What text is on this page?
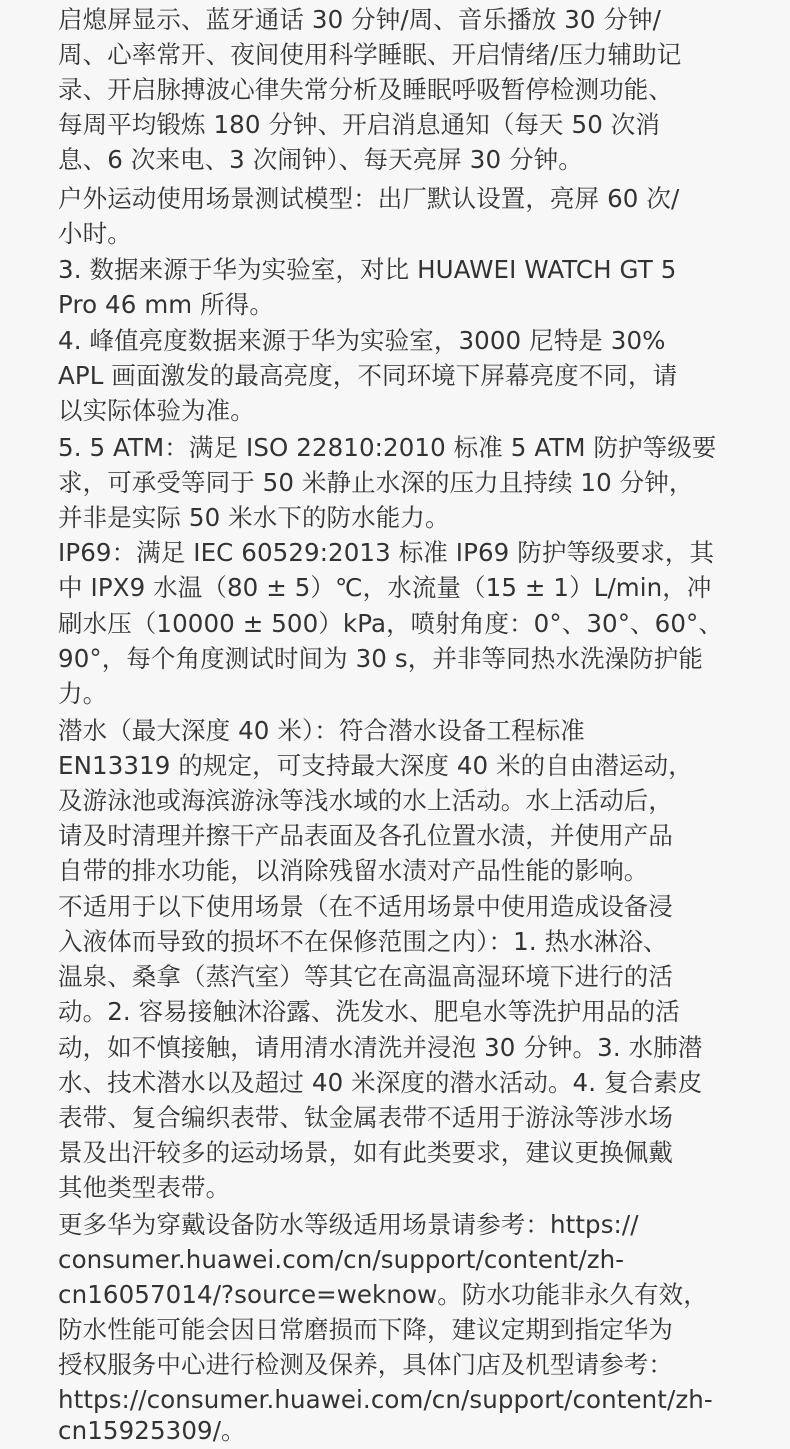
启熄屏显示、蓝牙通话 30 分钟/周、音乐播放 30 分钟/
周、心率常开、夜间使用科学睡眠、开启情绪/压力辅助记
录、开启脉搏波心律失常分析及睡眠呼吸暂停检测功能、
每周平均锻炼 180 分钟、开启消息通知（每天 50 次消
息、6 次来电、3 次闹钟）、每天亮屏 30 分钟。
户外运动使用场景测试模型：出厂默认设置，亮屏 60 次/
小时。
3. 数据来源于华为实验室，对比 HUAWEI WATCH GT 5
Pro 46 mm 所得。
4. 峰值亮度数据来源于华为实验室，3000 尼特是 30%
APL 画面激发的最高亮度，不同环境下屏幕亮度不同，请
以实际体验为准。
5. 5 ATM：满足 ISO 22810:2010 标准 5 ATM 防护等级要
求，可承受等同于 50 米静止水深的压力且持续 10 分钟，
并非是实际 50 米水下的防水能力。
IP69：满足 IEC 60529:2013 标准 IP69 防护等级要求，其
中 IPX9 水温（80 ± 5）℃，水流量（15 ± 1）L/min，冲
刷水压（10000 ± 500）kPa，喷射角度：0°、30°、60°、
90°，每个角度测试时间为 30 s，并非等同热水洗澡防护能
力。
潜水（最大深度 40 米）：符合潜水设备工程标准
EN13319 的规定，可支持最大深度 40 米的自由潜运动，
及游泳池或海滨游泳等浅水域的水上活动。水上活动后，
请及时清理并擦干产品表面及各孔位置水渍，并使用产品
自带的排水功能，以消除残留水渍对产品性能的影响。
不适用于以下使用场景（在不适用场景中使用造成设备浸
入液体而导致的损坏不在保修范围之内）：1. 热水淋浴、
温泉、桑拿（蒸汽室）等其它在高温高湿环境下进行的活
动。2. 容易接触沐浴露、洗发水、肥皂水等洗护用品的活
动，如不慎接触，请用清水清洗并浸泡 30 分钟。3. 水肺潜
水、技术潜水以及超过 40 米深度的潜水活动。4. 复合素皮
表带、复合编织表带、钛金属表带不适用于游泳等涉水场
景及出汗较多的运动场景，如有此类要求，建议更换佩戴
其他类型表带。
更多华为穿戴设备防水等级适用场景请参考：https://
consumer.huawei.com/cn/support/content/zh-
cn16057014/?source=weknow。防水功能非永久有效，
防水性能可能会因日常磨损而下降，建议定期到指定华为
授权服务中心进行检测及保养，具体门店及机型请参考：
https://consumer.huawei.com/cn/support/content/zh-
cn15925309/。
